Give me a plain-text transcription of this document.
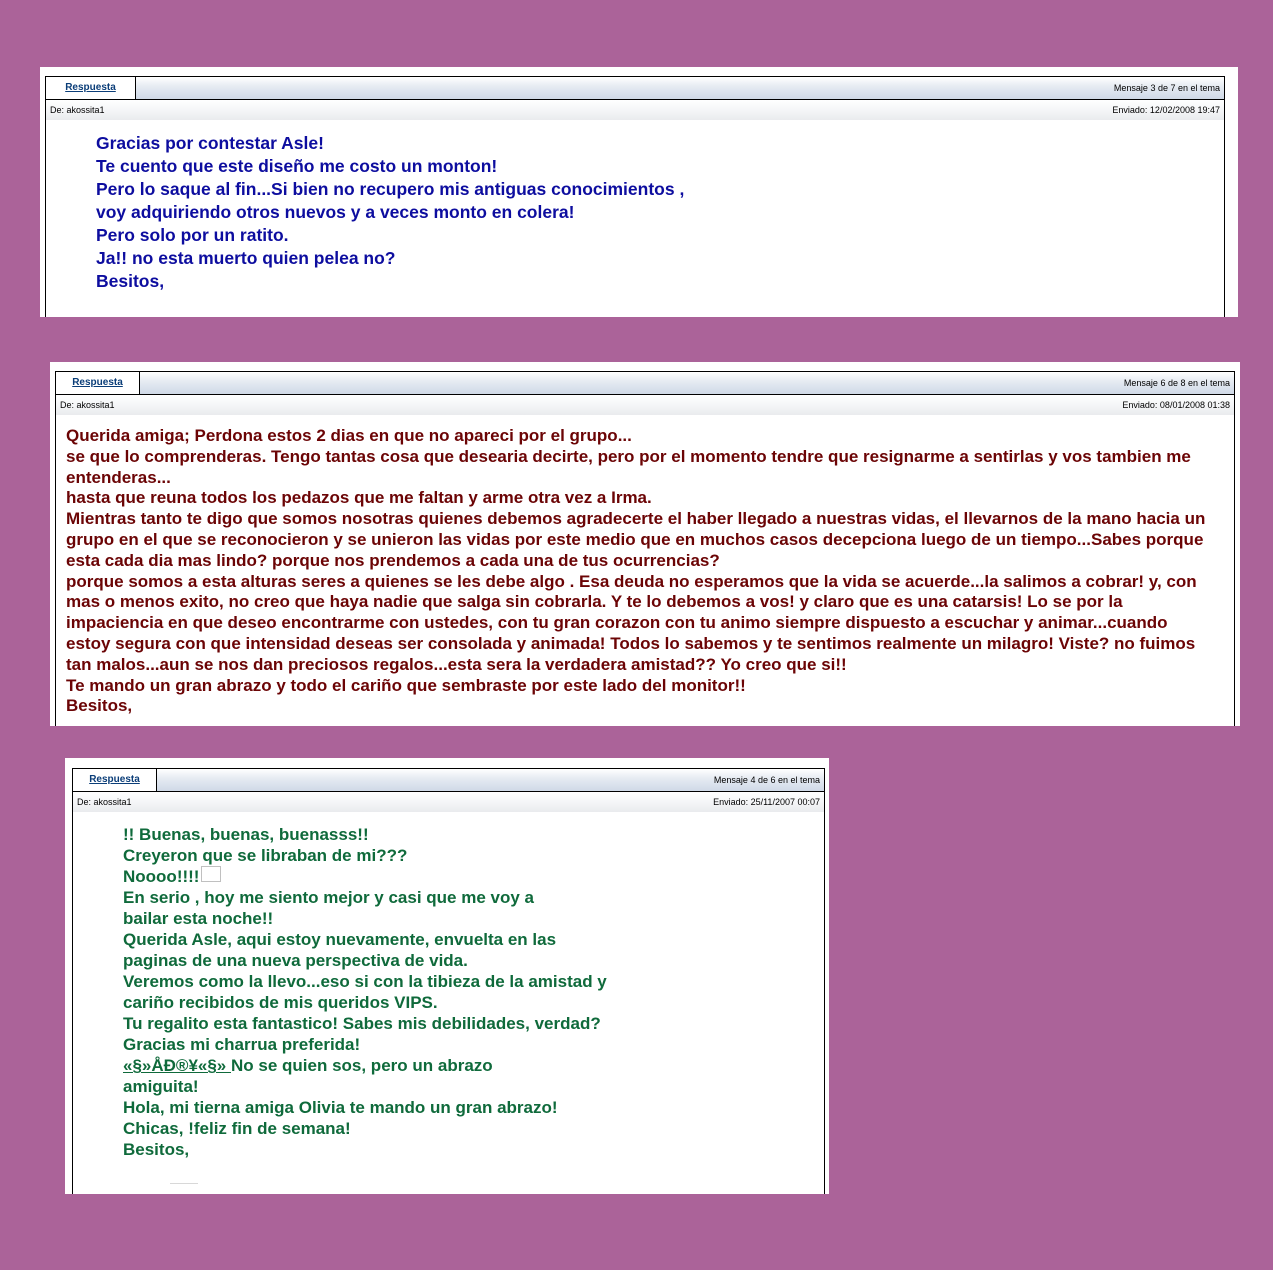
Respuesta	Mensaje 3 de 7 en el tema
De: akossita1	Enviado: 12/02/2008 19:47
Gracias por contestar Asle!
Te cuento que este diseño me costo un monton!
Pero lo saque al fin...Si bien no recupero mis antiguas conocimientos ,
voy adquiriendo otros nuevos y a veces monto en colera!
Pero solo por un ratito.
Ja!! no esta muerto quien pelea no?
Besitos,
Respuesta	Mensaje 6 de 8 en el tema
De: akossita1	Enviado: 08/01/2008 01:38
Querida amiga; Perdona estos 2 dias en que no apareci por el grupo...
se que lo comprenderas. Tengo tantas cosa que desearia decirte, pero por el momento tendre que resignarme a sentirlas y vos tambien me entenderas...
hasta que reuna todos los pedazos que me faltan y arme otra vez a Irma.
Mientras tanto te digo que somos nosotras quienes debemos agradecerte el haber llegado a nuestras vidas, el llevarnos de la mano hacia un grupo en el que se reconocieron y se unieron las vidas por este medio que en muchos casos decepciona luego de un tiempo...Sabes porque esta cada dia mas lindo? porque nos prendemos a cada una de tus ocurrencias?
porque somos a esta alturas seres a quienes se les debe algo . Esa deuda no esperamos que la vida se acuerde...la salimos a cobrar! y, con mas o menos exito, no creo que haya nadie que salga sin cobrarla. Y te lo debemos a vos! y claro que es una catarsis! Lo se por la impaciencia en que deseo encontrarme con ustedes, con tu gran corazon con tu animo siempre dispuesto a escuchar y animar...cuando estoy segura con que intensidad deseas ser consolada y animada! Todos lo sabemos y te sentimos realmente un milagro! Viste? no fuimos tan malos...aun se nos dan preciosos regalos...esta sera la verdadera amistad?? Yo creo que si!!
Te mando un gran abrazo y todo el cariño que sembraste por este lado del monitor!!
Besitos,
Respuesta	Mensaje 4 de 6 en el tema
De: akossita1	Enviado: 25/11/2007 00:07
!! Buenas, buenas, buenasss!!
Creyeron que se libraban de mi???
Noooo!!!!
En serio , hoy me siento mejor y casi que me voy a
bailar esta noche!!
Querida Asle, aqui estoy nuevamente, envuelta en las
paginas de una nueva perspectiva de vida.
Veremos como la llevo...eso si con la tibieza de la amistad y
cariño recibidos de mis queridos VIPS.
Tu regalito esta fantastico! Sabes mis debilidades, verdad?
Gracias mi charrua preferida!
«§»ÅÐ®¥«§» No se quien sos, pero un abrazo
amiguita!
Hola, mi tierna amiga Olivia te mando un gran abrazo!
Chicas, !feliz fin de semana!
Besitos,
